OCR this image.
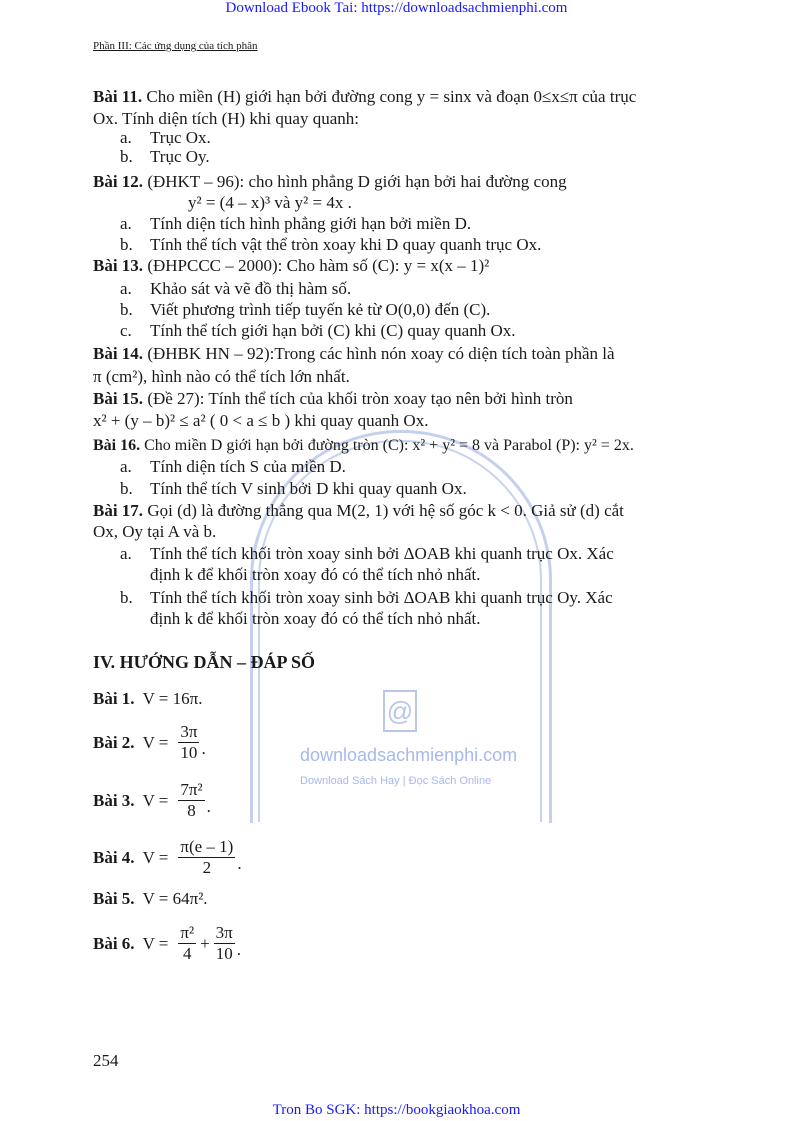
Download Ebook Tai: https://downloadsachmienphi.com
Phần III: Các ứng dụng của tích phân
@
downloadsachmienphi.com
Download Sách Hay | Đọc Sách Online
Bài 11. Cho miền (H) giới hạn bởi đường cong y = sinx và đoạn 0≤x≤π của trục
Ox. Tính diện tích (H) khi quay quanh:
a. Trục Ox.
b. Trục Oy.
Bài 12. (ĐHKT – 96): cho hình phẳng D giới hạn bởi hai đường cong
y² = (4 – x)³ và y² = 4x .
a. Tính diện tích hình phẳng giới hạn bởi miền D.
b. Tính thể tích vật thể tròn xoay khi D quay quanh trục Ox.
Bài 13. (ĐHPCCC – 2000): Cho hàm số (C): y = x(x – 1)²
a. Khảo sát và vẽ đồ thị hàm số.
b. Viết phương trình tiếp tuyến kẻ từ O(0,0) đến (C).
c. Tính thể tích giới hạn bởi (C) khi (C) quay quanh Ox.
Bài 14. (ĐHBK HN – 92):Trong các hình nón xoay có diện tích toàn phần là
π (cm²), hình nào có thể tích lớn nhất.
Bài 15. (Đề 27): Tính thể tích của khối tròn xoay tạo nên bởi hình tròn
x² + (y – b)² ≤ a² ( 0 < a ≤ b ) khi quay quanh Ox.
Bài 16. Cho miền D giới hạn bởi đường tròn (C): x² + y² = 8 và Parabol (P): y² = 2x.
a. Tính diện tích S của miền D.
b. Tính thể tích V sinh bởi D khi quay quanh Ox.
Bài 17. Gọi (d) là đường thẳng qua M(2, 1) với hệ số góc k < 0. Giả sử (d) cắt
Ox, Oy tại A và b.
a. Tính thể tích khối tròn xoay sinh bởi ΔOAB khi quanh trục Ox. Xác
định k để khối tròn xoay đó có thể tích nhỏ nhất.
b. Tính thể tích khối tròn xoay sinh bởi ΔOAB khi quanh trục Oy. Xác
định k để khối tròn xoay đó có thể tích nhỏ nhất.
IV. HƯỚNG DẪN – ĐÁP SỐ
Bài 1. V = 16π.
Bài 2. $V = \frac{3\pi}{10}$ .
Bài 3. $V = \frac{\text{7π²}}{8}$ .
Bài 4. $V = \frac{\pi(e - 1)}{2}$ .
Bài 5. V = 64π².
Bài 6. $V = \frac{\text{π²}}{4} + \frac{3\pi}{10}$ .
254
Tron Bo SGK: https://bookgiaokhoa.com
